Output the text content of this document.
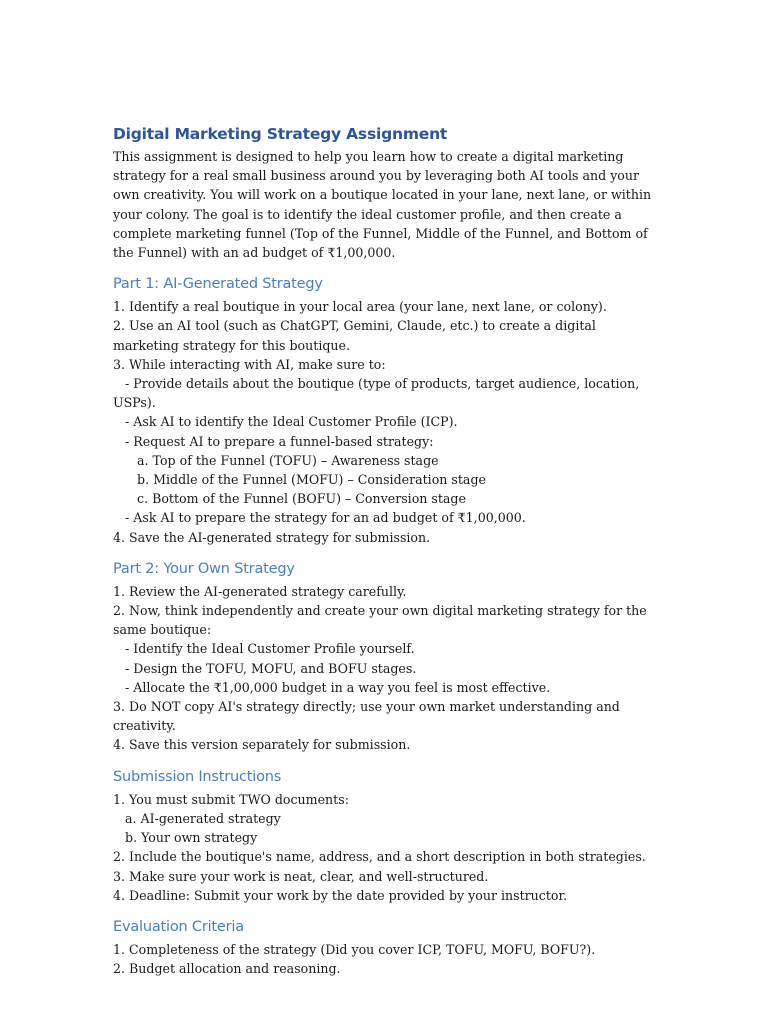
Digital Marketing Strategy Assignment

This assignment is designed to help you learn how to create a digital marketing strategy for a real small business around you by leveraging both AI tools and your own creativity. You will work on a boutique located in your lane, next lane, or within your colony. The goal is to identify the ideal customer profile, and then create a complete marketing funnel (Top of the Funnel, Middle of the Funnel, and Bottom of the Funnel) with an ad budget of ₹1,00,000.

Part 1: AI-Generated Strategy
1. Identify a real boutique in your local area (your lane, next lane, or colony).
2. Use an AI tool (such as ChatGPT, Gemini, Claude, etc.) to create a digital marketing strategy for this boutique.
3. While interacting with AI, make sure to:
- Provide details about the boutique (type of products, target audience, location, USPs).
- Ask AI to identify the Ideal Customer Profile (ICP).
- Request AI to prepare a funnel-based strategy:
a. Top of the Funnel (TOFU) – Awareness stage
b. Middle of the Funnel (MOFU) – Consideration stage
c. Bottom of the Funnel (BOFU) – Conversion stage
- Ask AI to prepare the strategy for an ad budget of ₹1,00,000.
4. Save the AI-generated strategy for submission.
Part 2: Your Own Strategy
1. Review the AI-generated strategy carefully.
2. Now, think independently and create your own digital marketing strategy for the same boutique:
- Identify the Ideal Customer Profile yourself.
- Design the TOFU, MOFU, and BOFU stages.
- Allocate the ₹1,00,000 budget in a way you feel is most effective.
3. Do NOT copy AI's strategy directly; use your own market understanding and creativity.
4. Save this version separately for submission.
Submission Instructions
1. You must submit TWO documents:
a. AI-generated strategy
b. Your own strategy
2. Include the boutique's name, address, and a short description in both strategies.
3. Make sure your work is neat, clear, and well-structured.
4. Deadline: Submit your work by the date provided by your instructor.
Evaluation Criteria
1. Completeness of the strategy (Did you cover ICP, TOFU, MOFU, BOFU?).
2. Budget allocation and reasoning.
